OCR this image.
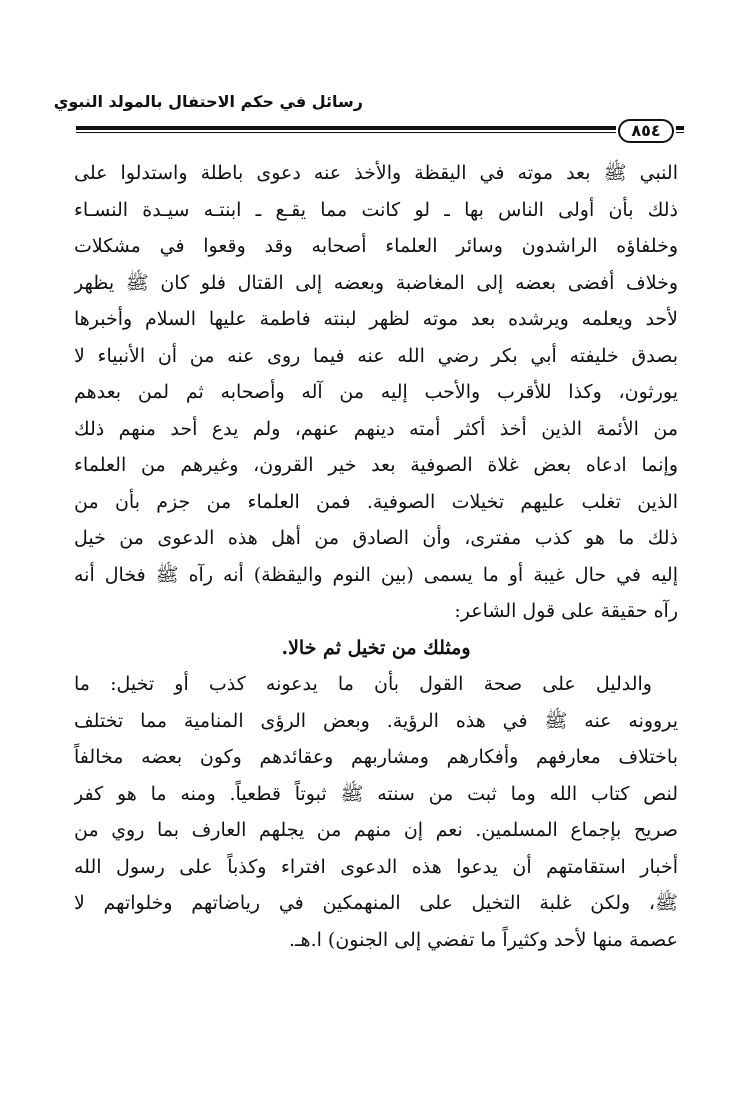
رسائل في حكم الاحتفال بالمولد النبوي
٨٥٤
النبي ﷺ بعد موته في اليقظة والأخذ عنه دعوى باطلة واستدلوا على
ذلك بأن أولى الناس بها ـ لو كانت مما يقـع ـ ابنتـه سيـدة النسـاء
وخلفاؤه الراشدون وسائر العلماء أصحابه وقد وقعوا في مشكلات
وخلاف أفضى بعضه إلى المغاضبة وبعضه إلى القتال فلو كان ﷺ يظهر
لأحد ويعلمه ويرشده بعد موته لظهر لبنته فاطمة عليها السلام وأخبرها
بصدق خليفته أبي بكر رضي الله عنه فيما روى عنه من أن الأنبياء لا
يورثون، وكذا للأقرب والأحب إليه من آله وأصحابه ثم لمن بعدهم
من الأئمة الذين أخذ أكثر أمته دينهم عنهم، ولم يدع أحد منهم ذلك
وإنما ادعاه بعض غلاة الصوفية بعد خير القرون، وغيرهم من العلماء
الذين تغلب عليهم تخيلات الصوفية. فمن العلماء من جزم بأن من
ذلك ما هو كذب مفترى، وأن الصادق من أهل هذه الدعوى من خيل
إليه في حال غيبة أو ما يسمى (بين النوم واليقظة) أنه رآه ﷺ فخال أنه
رآه حقيقة على قول الشاعر:
ومثلك من تخيل ثم خالا.
والدليل على صحة القول بأن ما يدعونه كذب أو تخيل: ما
يروونه عنه ﷺ في هذه الرؤية. وبعض الرؤى المنامية مما تختلف
باختلاف معارفهم وأفكارهم ومشاربهم وعقائدهم وكون بعضه مخالفاً
لنص كتاب الله وما ثبت من سنته ﷺ ثبوتاً قطعياً. ومنه ما هو كفر
صريح بإجماع المسلمين. نعم إن منهم من يجلهم العارف بما روي من
أخبار استقامتهم أن يدعوا هذه الدعوى افتراء وكذباً على رسول الله
ﷺ، ولكن غلبة التخيل على المنهمكين في رياضاتهم وخلواتهم لا
عصمة منها لأحد وكثيراً ما تفضي إلى الجنون) ا.هـ.
